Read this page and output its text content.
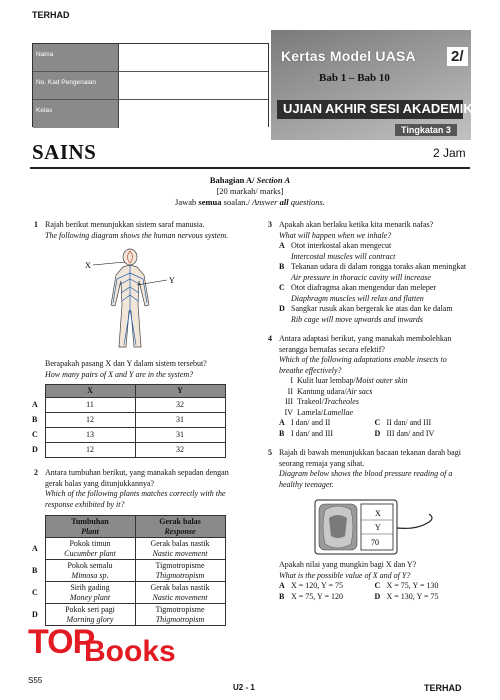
TERHAD
Nama
No. Kad Pengenalan
Kelas
Kertas Model UASA 2/
Bab 1 – Bab 10
UJIAN AKHIR SESI AKADEMIK
Tingkatan 3
SAINS	2 Jam
Bahagian A/ Section A
[20 markah/ marks]
Jawab semua soalan./ Answer all questions.
1 Rajah berikut menunjukkan sistem saraf manusia.
The following diagram shows the human nervous system.
X
Y
Berapakah pasang X dan Y dalam sistem tersebut?
How many pairs of X and Y are in the system?
	X	Y
A	11	32
B	12	31
C	13	31
D	12	32
2 Antara tumbuhan berikut, yang manakah sepadan dengan gerak balas yang ditunjukkannya?
Which of the following plants matches correctly with the response exhibited by it?
	Tumbuhan
Plant	Gerak balas
Response
A	Pokok timun
Cucumber plant	Gerak balas nastik
Nastic movement
B	Pokok semalu
Mimosa sp.	Tigmotropisme
Thigmotropism
C	Sirih gading
Money plant	Gerak balas nastik
Nastic movement
D	Pokok seri pagi
Morning glory	Tigmotropisme
Thigmotropism
3 Apakah akan berlaku ketika kita menarik nafas?
What will happen when we inhale?
A Otot interkostal akan mengecut
Intercostal muscles will contract
B Tekanan udara di dalam rongga toraks akan meningkat
Air pressure in thoracic cavity will increase
C Otot diafragma akan mengendur dan meleper
Diaphragm muscles will relax and flatten
D Sangkar rusuk akan bergerak ke atas dan ke dalam
Rib cage will move upwards and inwards
4 Antara adaptasi berikut, yang manakah membolehkan serangga bernafas secara efektif?
Which of the following adaptations enable insects to breathe effectively?
I Kulit luar lembap/ Moist outer skin
II Kantung udara/ Air sacs
III Trakeol/ Tracheoles
IV Lamela/ Lamellae
A I dan/ and II	C II dan/ and III
B I dan/ and III	D III dan/ and IV
5 Rajah di bawah menunjukkan bacaan tekanan darah bagi seorang remaja yang sihat.
Diagram below shows the blood pressure reading of a healthy teenager.
X
Y
70
Apakah nilai yang mungkin bagi X dan Y?
What is the possible value of X and of Y?
A X = 120, Y = 75	C X = 75, Y = 130
B X = 75, Y = 120	D X = 130, Y = 75
TOP
Books
S55
U2 - 1	TERHAD
